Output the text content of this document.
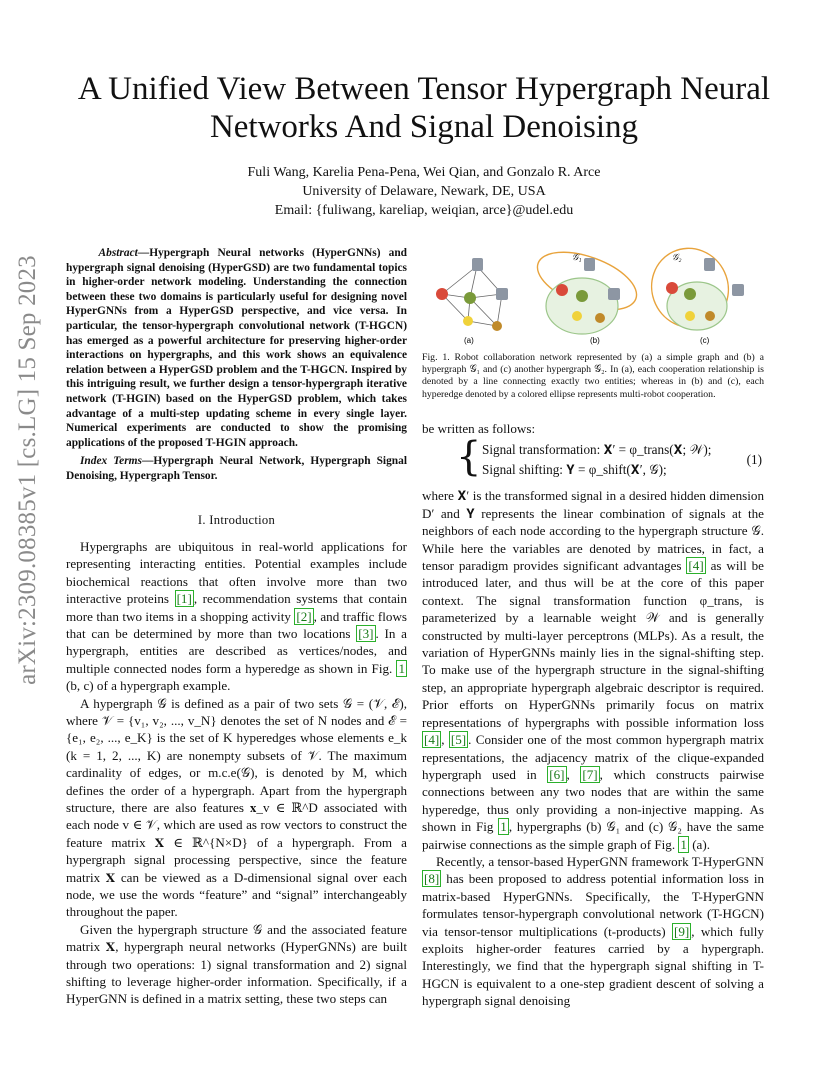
arXiv:2309.08385v1 [cs.LG] 15 Sep 2023
A Unified View Between Tensor Hypergraph Neural
Networks And Signal Denoising
Fuli Wang, Karelia Pena-Pena, Wei Qian, and Gonzalo R. Arce
University of Delaware, Newark, DE, USA
Email: {fuliwang, kareliap, weiqian, arce}@udel.edu

Abstract—Hypergraph Neural networks (HyperGNNs) and hypergraph signal denoising (HyperGSD) are two fundamental topics in higher-order network modeling. Understanding the connection between these two domains is particularly useful for designing novel HyperGNNs from a HyperGSD perspective, and vice versa. In particular, the tensor-hypergraph convolutional network (T-HGCN) has emerged as a powerful architecture for preserving higher-order interactions on hypergraphs, and this work shows an equivalence relation between a HyperGSD problem and the T-HGCN. Inspired by this intriguing result, we further design a tensor-hypergraph iterative network (T-HGIN) based on the HyperGSD problem, which takes advantage of a multi-step updating scheme in every single layer. Numerical experiments are conducted to show the promising applications of the proposed T-HGIN approach.

Index Terms—Hypergraph Neural Network, Hypergraph Signal Denoising, Hypergraph Tensor.

I. Introduction

Hypergraphs are ubiquitous in real-world applications for representing interacting entities. Potential examples include biochemical reactions that often involve more than two interactive proteins [1] , recommendation systems that contain more than two items in a shopping activity [2] , and traffic flows that can be determined by more than two locations [3] . In a hypergraph, entities are described as vertices/nodes, and multiple connected nodes form a hyperedge as shown in Fig. 1 (b, c) of a hypergraph example.

A hypergraph 𝒢 is defined as a pair of two sets 𝒢 = (𝒱, ℰ), where 𝒱 = {v₁, v₂, ..., v_N} denotes the set of N nodes and ℰ = {e₁, e₂, ..., e_K} is the set of K hyperedges whose elements e_k (k = 1, 2, ..., K) are nonempty subsets of 𝒱. The maximum cardinality of edges, or m.c.e(𝒢), is denoted by M, which defines the order of a hypergraph. Apart from the hypergraph structure, there are also features 𝐱_v ∈ ℝ^D associated with each node v ∈ 𝒱, which are used as row vectors to construct the feature matrix 𝐗 ∈ ℝ^{N×D} of a hypergraph. From a hypergraph signal processing perspective, since the feature matrix 𝐗 can be viewed as a D-dimensional signal over each node, we use the words “feature” and “signal” interchangeably throughout the paper.

Given the hypergraph structure 𝒢 and the associated feature matrix 𝐗, hypergraph neural networks (HyperGNNs) are built through two operations: 1) signal transformation and 2) signal shifting to leverage higher-order information. Specifically, if a HyperGNN is defined in a matrix setting, these two steps can

(a)
𝒢₁
(b)
𝒢₂
(c)
Fig. 1. Robot collaboration network represented by (a) a simple graph and (b) a hypergraph 𝒢₁ and (c) another hypergraph 𝒢₂. In (a), each cooperation relationship is denoted by a line connecting exactly two entities; whereas in (b) and (c), each hyperedge denoted by a colored ellipse represents multi-robot cooperation.

be written as follows:

{ Signal transformation: 𝐗′ = φ_trans(𝐗; 𝒲);
Signal shifting: 𝐘 = φ_shift(𝐗′, 𝒢);
(1)

where 𝐗′ is the transformed signal in a desired hidden dimension D′ and 𝐘 represents the linear combination of signals at the neighbors of each node according to the hypergraph structure 𝒢. While here the variables are denoted by matrices, in fact, a tensor paradigm provides significant advantages [4] as will be introduced later, and thus will be at the core of this paper context. The signal transformation function φ_trans, is parameterized by a learnable weight 𝒲 and is generally constructed by multi-layer perceptrons (MLPs). As a result, the variation of HyperGNNs mainly lies in the signal-shifting step. To make use of the hypergraph structure in the signal-shifting step, an appropriate hypergraph algebraic descriptor is required. Prior efforts on HyperGNNs primarily focus on matrix representations of hypergraphs with possible information loss [4] , [5] . Consider one of the most common hypergraph matrix representations, the adjacency matrix of the clique-expanded hypergraph used in [6] , [7] , which constructs pairwise connections between any two nodes that are within the same hyperedge, thus only providing a non-injective mapping. As shown in Fig 1 , hypergraphs (b) 𝒢₁ and (c) 𝒢₂ have the same pairwise connections as the simple graph of Fig. 1 (a).

Recently, a tensor-based HyperGNN framework T-HyperGNN [8] has been proposed to address potential information loss in matrix-based HyperGNNs. Specifically, the T-HyperGNN formulates tensor-hypergraph convolutional network (T-HGCN) via tensor-tensor multiplications (t-products) [9] , which fully exploits higher-order features carried by a hypergraph. Interestingly, we find that the hypergraph signal shifting in T-HGCN is equivalent to a one-step gradient descent of solving a hypergraph signal denoising
